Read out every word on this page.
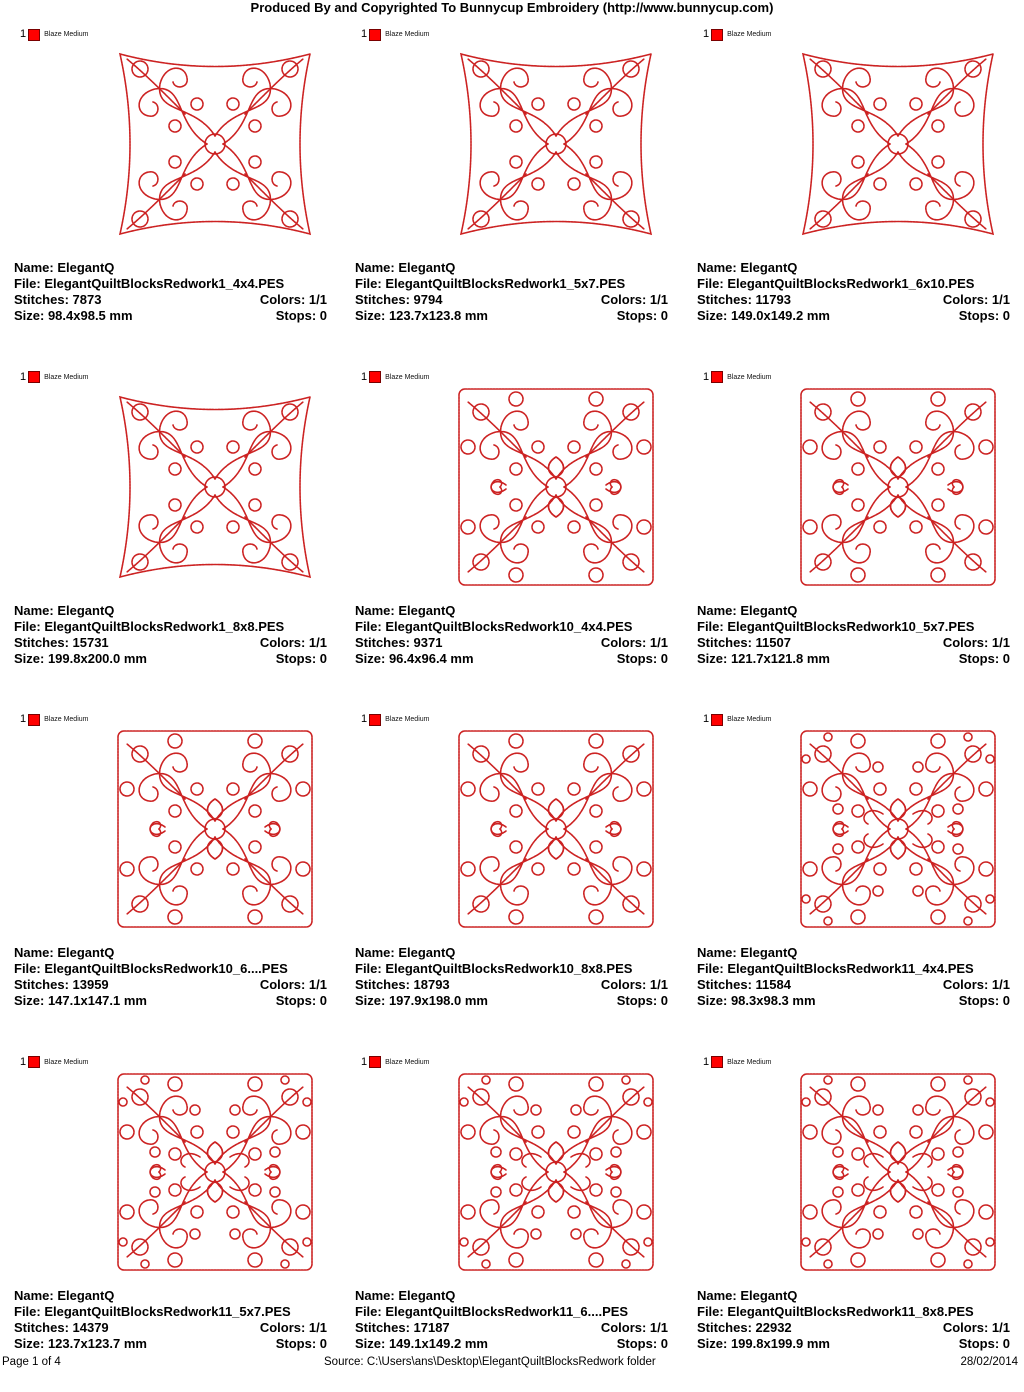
Produced By and Copyrighted To Bunnycup Embroidery (http://www.bunnycup.com)
1	Blaze Medium
Name: ElegantQ
File: ElegantQuiltBlocksRedwork1_4x4.PES
Stitches: 7873	Colors: 1/1
Size: 98.4x98.5 mm	Stops: 0
1	Blaze Medium
Name: ElegantQ
File: ElegantQuiltBlocksRedwork1_5x7.PES
Stitches: 9794	Colors: 1/1
Size: 123.7x123.8 mm	Stops: 0
1	Blaze Medium
Name: ElegantQ
File: ElegantQuiltBlocksRedwork1_6x10.PES
Stitches: 11793	Colors: 1/1
Size: 149.0x149.2 mm	Stops: 0
1	Blaze Medium
Name: ElegantQ
File: ElegantQuiltBlocksRedwork1_8x8.PES
Stitches: 15731	Colors: 1/1
Size: 199.8x200.0 mm	Stops: 0
1	Blaze Medium
Name: ElegantQ
File: ElegantQuiltBlocksRedwork10_4x4.PES
Stitches: 9371	Colors: 1/1
Size: 96.4x96.4 mm	Stops: 0
1	Blaze Medium
Name: ElegantQ
File: ElegantQuiltBlocksRedwork10_5x7.PES
Stitches: 11507	Colors: 1/1
Size: 121.7x121.8 mm	Stops: 0
1	Blaze Medium
Name: ElegantQ
File: ElegantQuiltBlocksRedwork10_6....PES
Stitches: 13959	Colors: 1/1
Size: 147.1x147.1 mm	Stops: 0
1	Blaze Medium
Name: ElegantQ
File: ElegantQuiltBlocksRedwork10_8x8.PES
Stitches: 18793	Colors: 1/1
Size: 197.9x198.0 mm	Stops: 0
1	Blaze Medium
Name: ElegantQ
File: ElegantQuiltBlocksRedwork11_4x4.PES
Stitches: 11584	Colors: 1/1
Size: 98.3x98.3 mm	Stops: 0
1	Blaze Medium
Name: ElegantQ
File: ElegantQuiltBlocksRedwork11_5x7.PES
Stitches: 14379	Colors: 1/1
Size: 123.7x123.7 mm	Stops: 0
1	Blaze Medium
Name: ElegantQ
File: ElegantQuiltBlocksRedwork11_6....PES
Stitches: 17187	Colors: 1/1
Size: 149.1x149.2 mm	Stops: 0
1	Blaze Medium
Name: ElegantQ
File: ElegantQuiltBlocksRedwork11_8x8.PES
Stitches: 22932	Colors: 1/1
Size: 199.8x199.9 mm	Stops: 0
Page 1 of 4	Source: C:\Users\ans\Desktop\ElegantQuiltBlocksRedwork folder	28/02/2014
